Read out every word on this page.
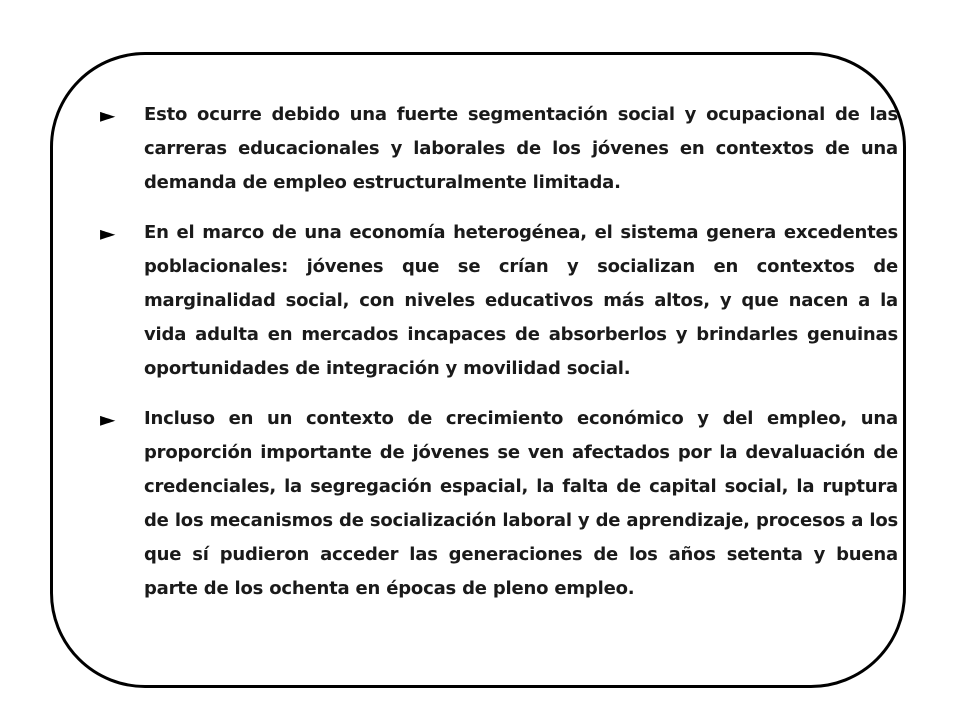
►	Esto ocurre debido una fuerte segmentación social y ocupacional de las carreras educacionales y laborales de los jóvenes en contextos de una demanda de empleo estructuralmente limitada.
►	En el marco de una economía heterogénea, el sistema genera excedentes poblacionales: jóvenes que se crían y socializan en contextos de marginalidad social, con niveles educativos más altos, y que nacen a la vida adulta en mercados incapaces de absorberlos y brindarles genuinas oportunidades de integración y movilidad social.
►	Incluso en un contexto de crecimiento económico y del empleo, una proporción importante de jóvenes se ven afectados por la devaluación de credenciales, la segregación espacial, la falta de capital social, la ruptura de los mecanismos de socialización laboral y de aprendizaje, procesos a los que sí pudieron acceder las generaciones de los años setenta y buena parte de los ochenta en épocas de pleno empleo.
